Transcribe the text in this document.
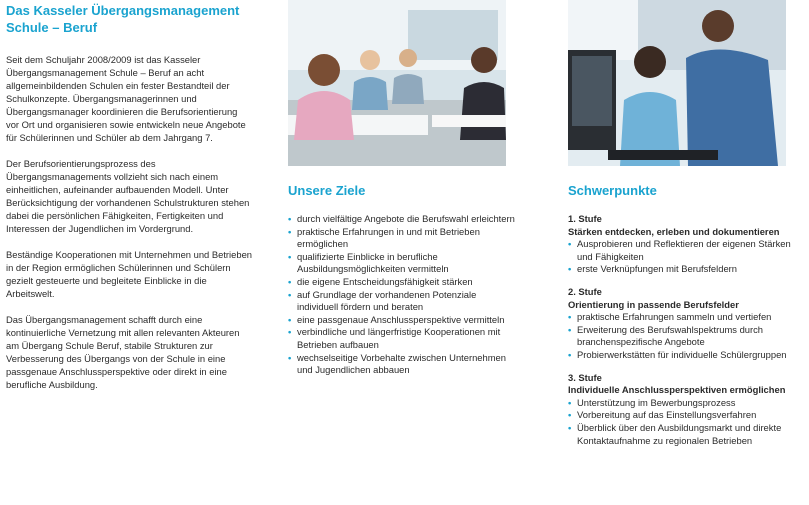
Das Kasseler Übergangsmanagement Schule – Beruf

Seit dem Schuljahr 2008/2009 ist das Kasseler Übergangsmanagement Schule – Beruf an acht allgemeinbildenden Schulen ein fester Bestandteil der Schulkonzepte. Übergangsmanagerinnen und Übergangsmanager koordinieren die Berufsorientierung vor Ort und organisieren sowie entwickeln neue Angebote für Schülerinnen und Schüler ab dem Jahrgang 7.

Der Berufsorientierungsprozess des Übergangsmanagements vollzieht sich nach einem einheitlichen, aufeinander aufbauenden Modell. Unter Berücksichtigung der vorhandenen Schulstrukturen stehen dabei die persönlichen Fähigkeiten, Fertigkeiten und Interessen der Jugendlichen im Vordergrund.

Beständige Kooperationen mit Unternehmen und Betrieben in der Region ermöglichen Schülerinnen und Schülern gezielt gesteuerte und begleitete Einblicke in die Arbeitswelt.

Das Übergangsmanagement schafft durch eine kontinuierliche Vernetzung mit allen relevanten Akteuren am Übergang Schule Beruf, stabile Strukturen zur Verbesserung des Übergangs von der Schule in eine passgenaue Anschlussperspektive oder direkt in eine berufliche Ausbildung.

Unsere Ziele
• durch vielfältige Angebote die Berufswahl erleichtern
• praktische Erfahrungen in und mit Betrieben ermöglichen
• qualifizierte Einblicke in berufliche Ausbildungsmöglichkeiten vermitteln
• die eigene Entscheidungsfähigkeit stärken
• auf Grundlage der vorhandenen Potenziale individuell fördern und beraten
• eine passgenaue Anschlussperspektive vermitteln
• verbindliche und längerfristige Kooperationen mit Betrieben aufbauen
• wechselseitige Vorbehalte zwischen Unternehmen und Jugendlichen abbauen
Schwerpunkte
1. Stufe
Stärken entdecken, erleben und dokumentieren
• Ausprobieren und Reflektieren der eigenen Stärken und Fähigkeiten
• erste Verknüpfungen mit Berufsfeldern
2. Stufe
Orientierung in passende Berufsfelder
• praktische Erfahrungen sammeln und vertiefen
• Erweiterung des Berufswahlspektrums durch branchenspezifische Angebote
• Probierwerkstätten für individuelle Schülergruppen
3. Stufe
Individuelle Anschlussperspektiven ermöglichen
• Unterstützung im Bewerbungsprozess
• Vorbereitung auf das Einstellungsverfahren
• Überblick über den Ausbildungsmarkt und direkte Kontaktaufnahme zu regionalen Betrieben
